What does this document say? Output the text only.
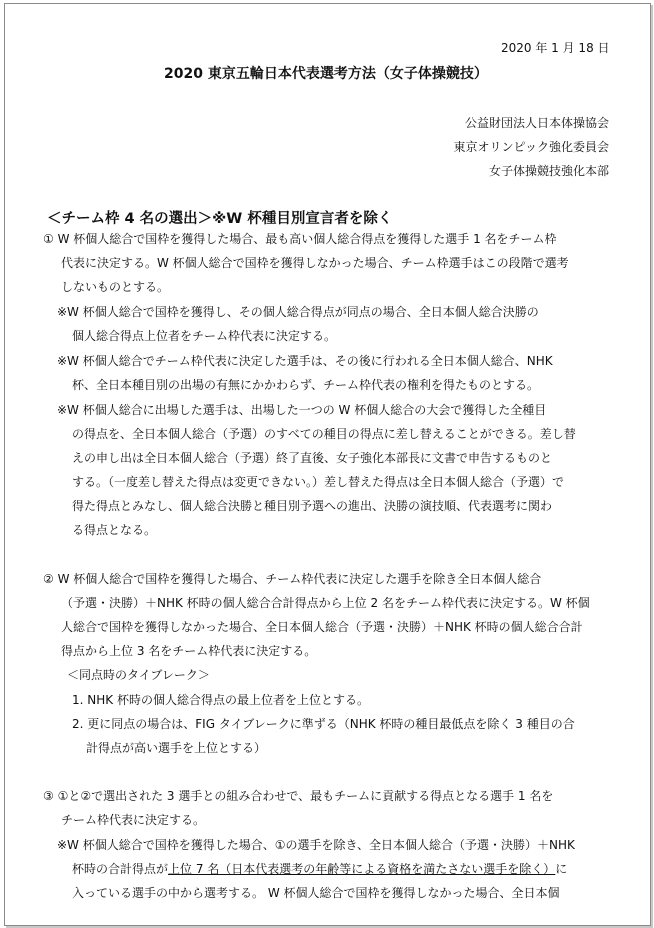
2020 年 1 月 18 日
2020 東京五輪日本代表選考方法（女子体操競技）
公益財団法人日本体操協会
東京オリンピック強化委員会
女子体操競技強化本部
＜チーム枠 4 名の選出＞※W 杯種目別宣言者を除く
① W 杯個人総合で国枠を獲得した場合、最も高い個人総合得点を獲得した選手 1 名をチーム枠
代表に決定する。W 杯個人総合で国枠を獲得しなかった場合、チーム枠選手はこの段階で選考
しないものとする。
※W 杯個人総合で国枠を獲得し、その個人総合得点が同点の場合、全日本個人総合決勝の
個人総合得点上位者をチーム枠代表に決定する。
※W 杯個人総合でチーム枠代表に決定した選手は、その後に行われる全日本個人総合、NHK
杯、全日本種目別の出場の有無にかかわらず、チーム枠代表の権利を得たものとする。
※W 杯個人総合に出場した選手は、出場した一つの W 杯個人総合の大会で獲得した全種目
の得点を、全日本個人総合（予選）のすべての種目の得点に差し替えることができる。差し替
えの申し出は全日本個人総合（予選）終了直後、女子強化本部長に文書で申告するものと
する。（一度差し替えた得点は変更できない。）差し替えた得点は全日本個人総合（予選）で
得た得点とみなし、個人総合決勝と種目別予選への進出、決勝の演技順、代表選考に関わ
る得点となる。
② W 杯個人総合で国枠を獲得した場合、チーム枠代表に決定した選手を除き全日本個人総合
（予選・決勝）＋NHK 杯時の個人総合合計得点から上位 2 名をチーム枠代表に決定する。W 杯個
人総合で国枠を獲得しなかった場合、全日本個人総合（予選・決勝）＋NHK 杯時の個人総合合計
得点から上位 3 名をチーム枠代表に決定する。
＜同点時のタイブレーク＞
1. NHK 杯時の個人総合得点の最上位者を上位とする。
2. 更に同点の場合は、FIG タイブレークに準ずる（NHK 杯時の種目最低点を除く 3 種目の合
計得点が高い選手を上位とする）
③ ①と②で選出された 3 選手との組み合わせで、最もチームに貢献する得点となる選手 1 名を
チーム枠代表に決定する。
※W 杯個人総合で国枠を獲得した場合、①の選手を除き、全日本個人総合（予選・決勝）＋NHK
杯時の合計得点が上位 7 名（日本代表選考の年齢等による資格を満たさない選手を除く）に
入っている選手の中から選考する。 W 杯個人総合で国枠を獲得しなかった場合、全日本個
